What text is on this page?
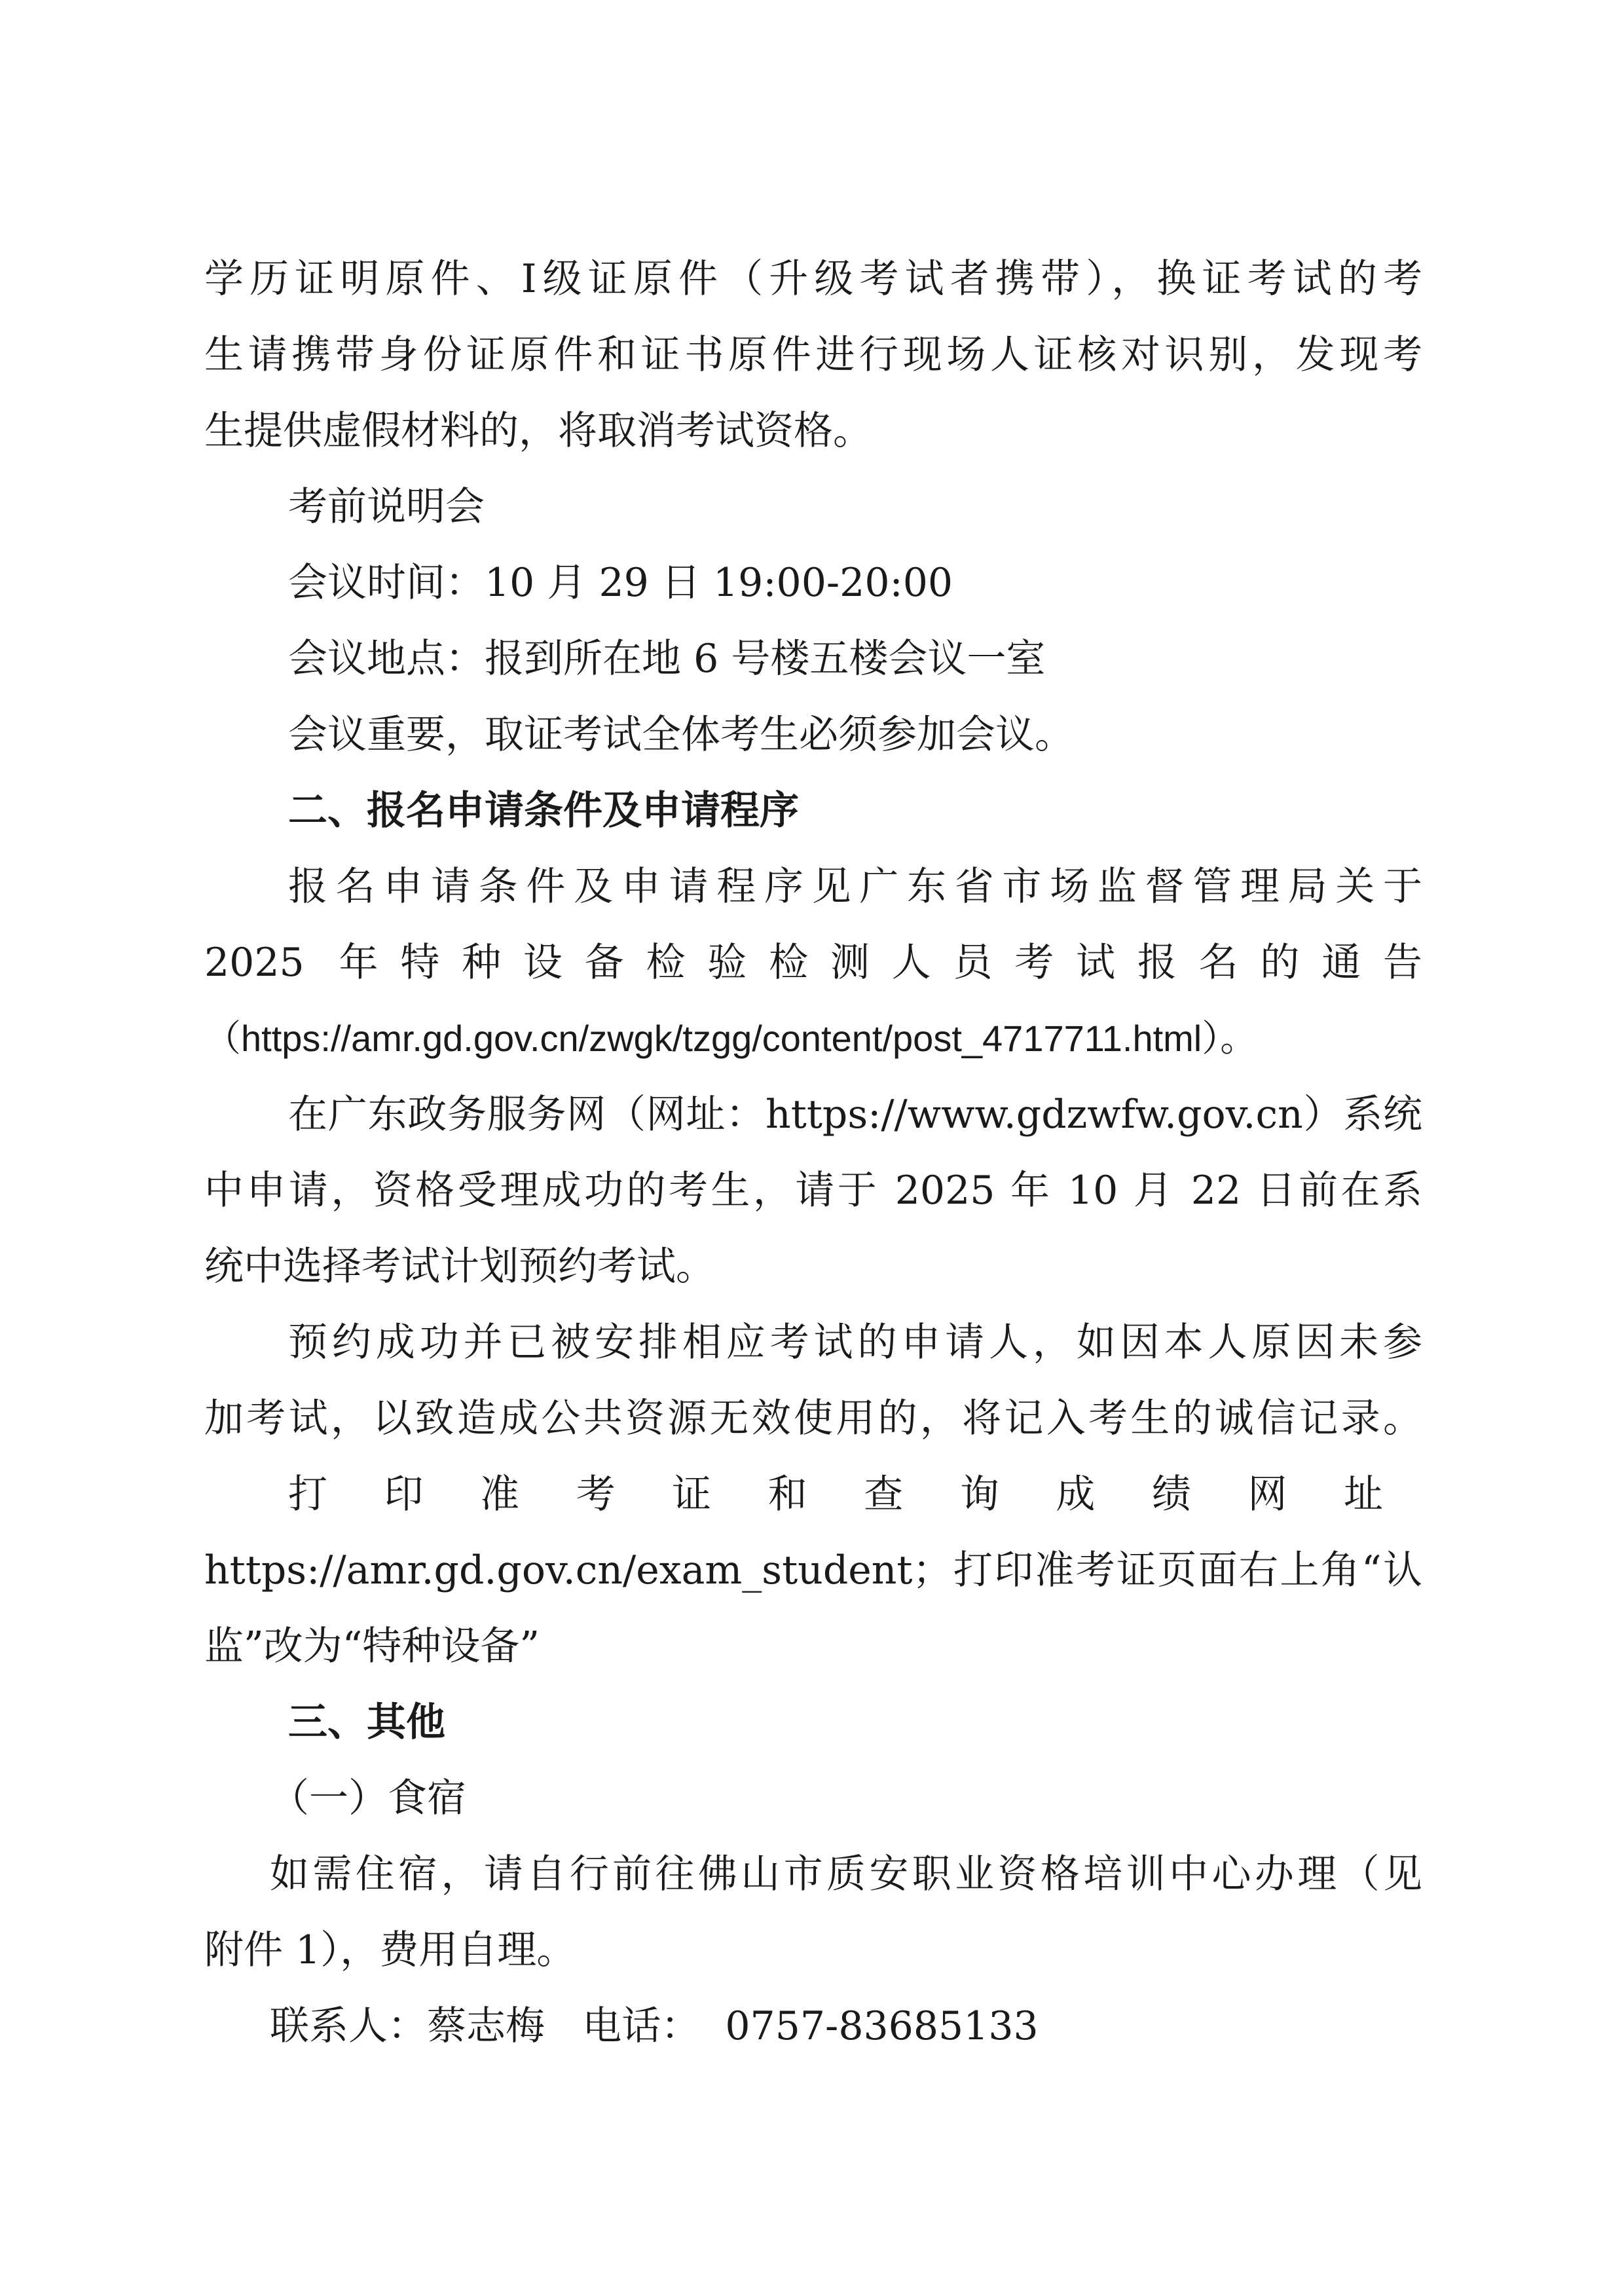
学历证明原件、Ⅰ级证原件（升级考试者携带），换证考试的考
生请携带身份证原件和证书原件进行现场人证核对识别，发现考
生提供虚假材料的，将取消考试资格。
考前说明会
会议时间：10 月 29 日 19:00-20:00
会议地点：报到所在地 6 号楼五楼会议一室
会议重要，取证考试全体考生必须参加会议。
二、报名申请条件及申请程序
报名申请条件及申请程序见广东省市场监督管理局关于
2025 年特种设备检验检测人员考试报名的通告
（https://amr.gd.gov.cn/zwgk/tzgg/content/post_4717711.html）。
在广东政务服务网（网址：https://www.gdzwfw.gov.cn）系统
中申请，资格受理成功的考生，请于 2025 年 10 月 22 日前在系
统中选择考试计划预约考试。
预约成功并已被安排相应考试的申请人，如因本人原因未参
加考试，以致造成公共资源无效使用的，将记入考生的诚信记录。
打印准考证和查询成绩网址
https://amr.gd.gov.cn/exam_student；打印准考证页面右上角“认
监”改为“特种设备”
三、其他
（一）食宿
如需住宿，请自行前往佛山市质安职业资格培训中心办理（见
附件 1），费用自理。
联系人：蔡志梅   电话：  0757-83685133
